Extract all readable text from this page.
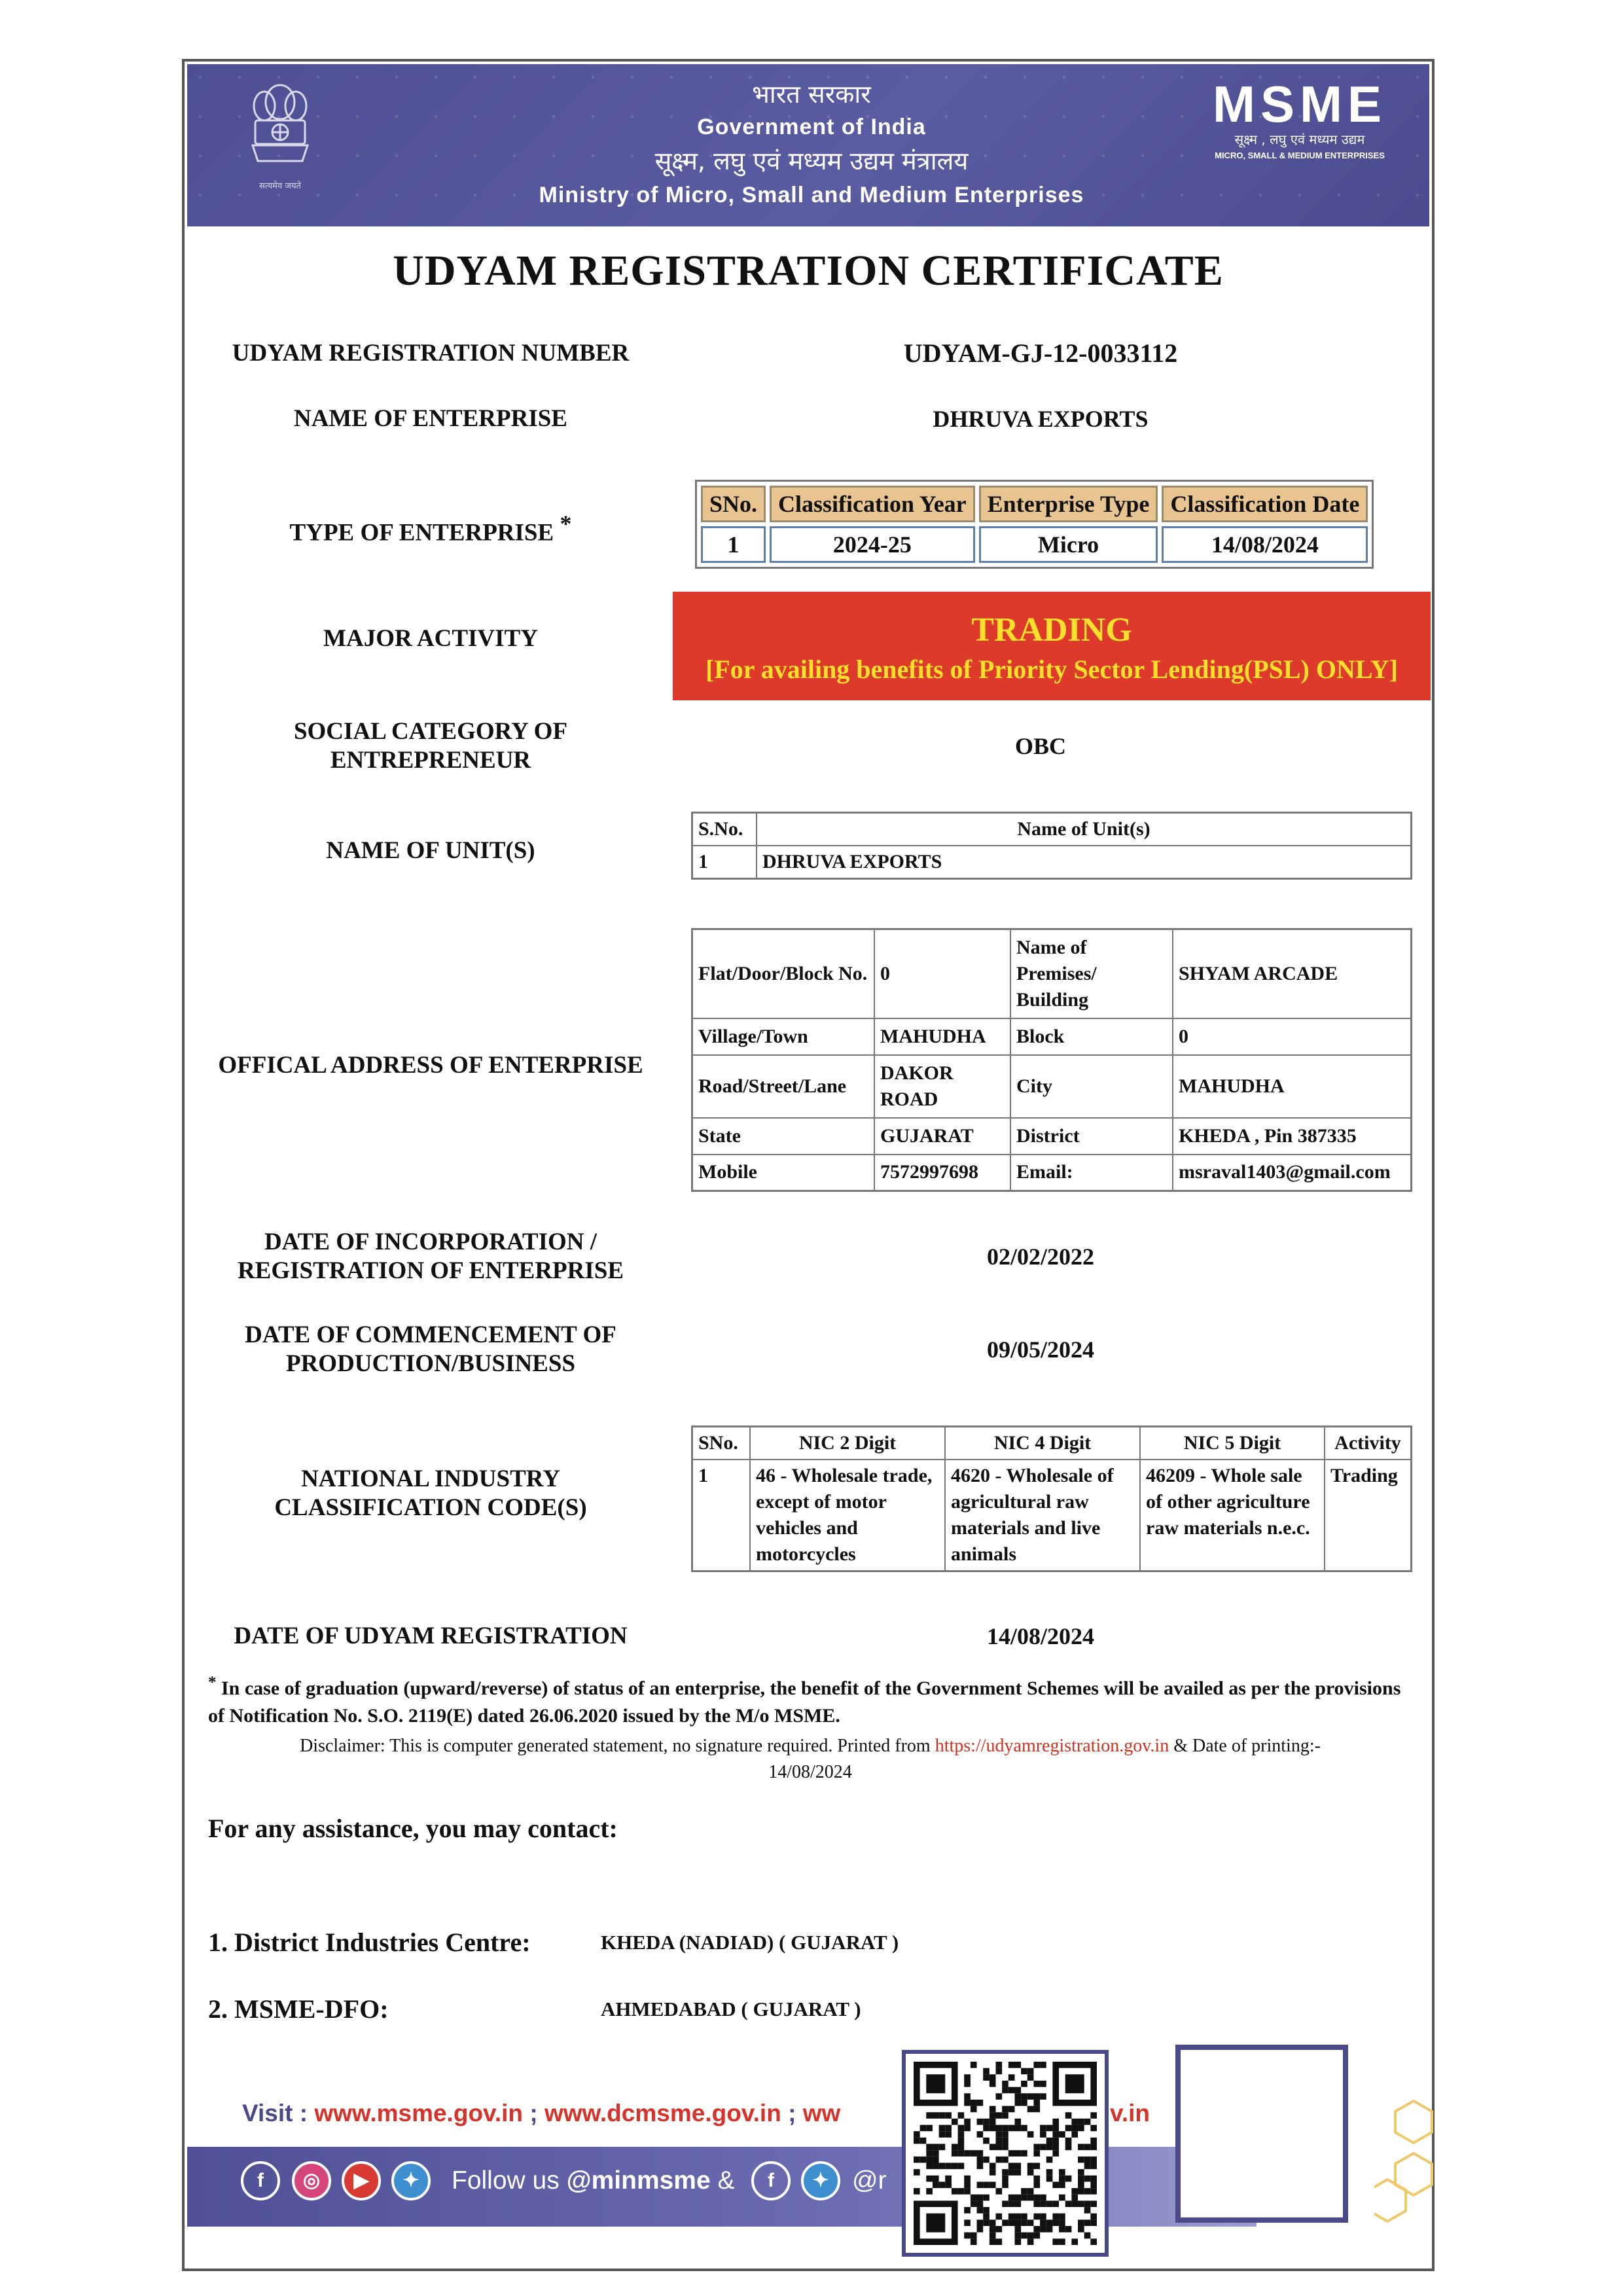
सत्यमेव जयते
भारत सरकार
Government of India
सूक्ष्म, लघु एवं मध्यम उद्यम मंत्रालय
Ministry of Micro, Small and Medium Enterprises
MSME
सूक्ष्म , लघु एवं मध्यम उद्यम
MICRO, SMALL & MEDIUM ENTERPRISES
UDYAM REGISTRATION CERTIFICATE
UDYAM REGISTRATION NUMBER	UDYAM-GJ-12-0033112
NAME OF ENTERPRISE	DHRUVA EXPORTS
TYPE OF ENTERPRISE *
SNo.	Classification Year	Enterprise Type	Classification Date
1	2024-25	Micro	14/08/2024
MAJOR ACTIVITY	TRADING
[For availing benefits of Priority Sector Lending(PSL) ONLY]
SOCIAL CATEGORY OF
ENTREPRENEUR
OBC
NAME OF UNIT(S)
S.No.	Name of Unit(s)
1	DHRUVA EXPORTS
OFFICAL ADDRESS OF ENTERPRISE
Flat/Door/Block No.	0	Name of Premises/ Building	SHYAM ARCADE
Village/Town	MAHUDHA	Block	0
Road/Street/Lane	DAKOR ROAD	City	MAHUDHA
State	GUJARAT	District	KHEDA , Pin 387335
Mobile	7572997698	Email:	msraval1403@gmail.com
DATE OF INCORPORATION /
REGISTRATION OF ENTERPRISE
02/02/2022
DATE OF COMMENCEMENT OF
PRODUCTION/BUSINESS
09/05/2024
NATIONAL INDUSTRY
CLASSIFICATION CODE(S)
SNo.	NIC 2 Digit	NIC 4 Digit	NIC 5 Digit	Activity
1	46 - Wholesale trade, except of motor vehicles and motorcycles	4620 - Wholesale of agricultural raw materials and live animals	46209 - Whole sale of other agriculture raw materials n.e.c.	Trading
DATE OF UDYAM REGISTRATION	14/08/2024
* In case of graduation (upward/reverse) of status of an enterprise, the benefit of the Government Schemes will be availed as per the provisions of Notification No. S.O. 2119(E) dated 26.06.2020 issued by the M/o MSME.
Disclaimer: This is computer generated statement, no signature required. Printed from https://udyamregistration.gov.in & Date of printing:-
14/08/2024
For any assistance, you may contact:
1. District Industries Centre:	KHEDA (NADIAD) ( GUJARAT )
2. MSME-DFO:	AHMEDABAD ( GUJARAT )
Visit : www.msme.gov.in ; www.dcmsme.gov.in ; ww	v.in
f	◎	▶	✦	Follow us @minmsme &	f	✦ @r
